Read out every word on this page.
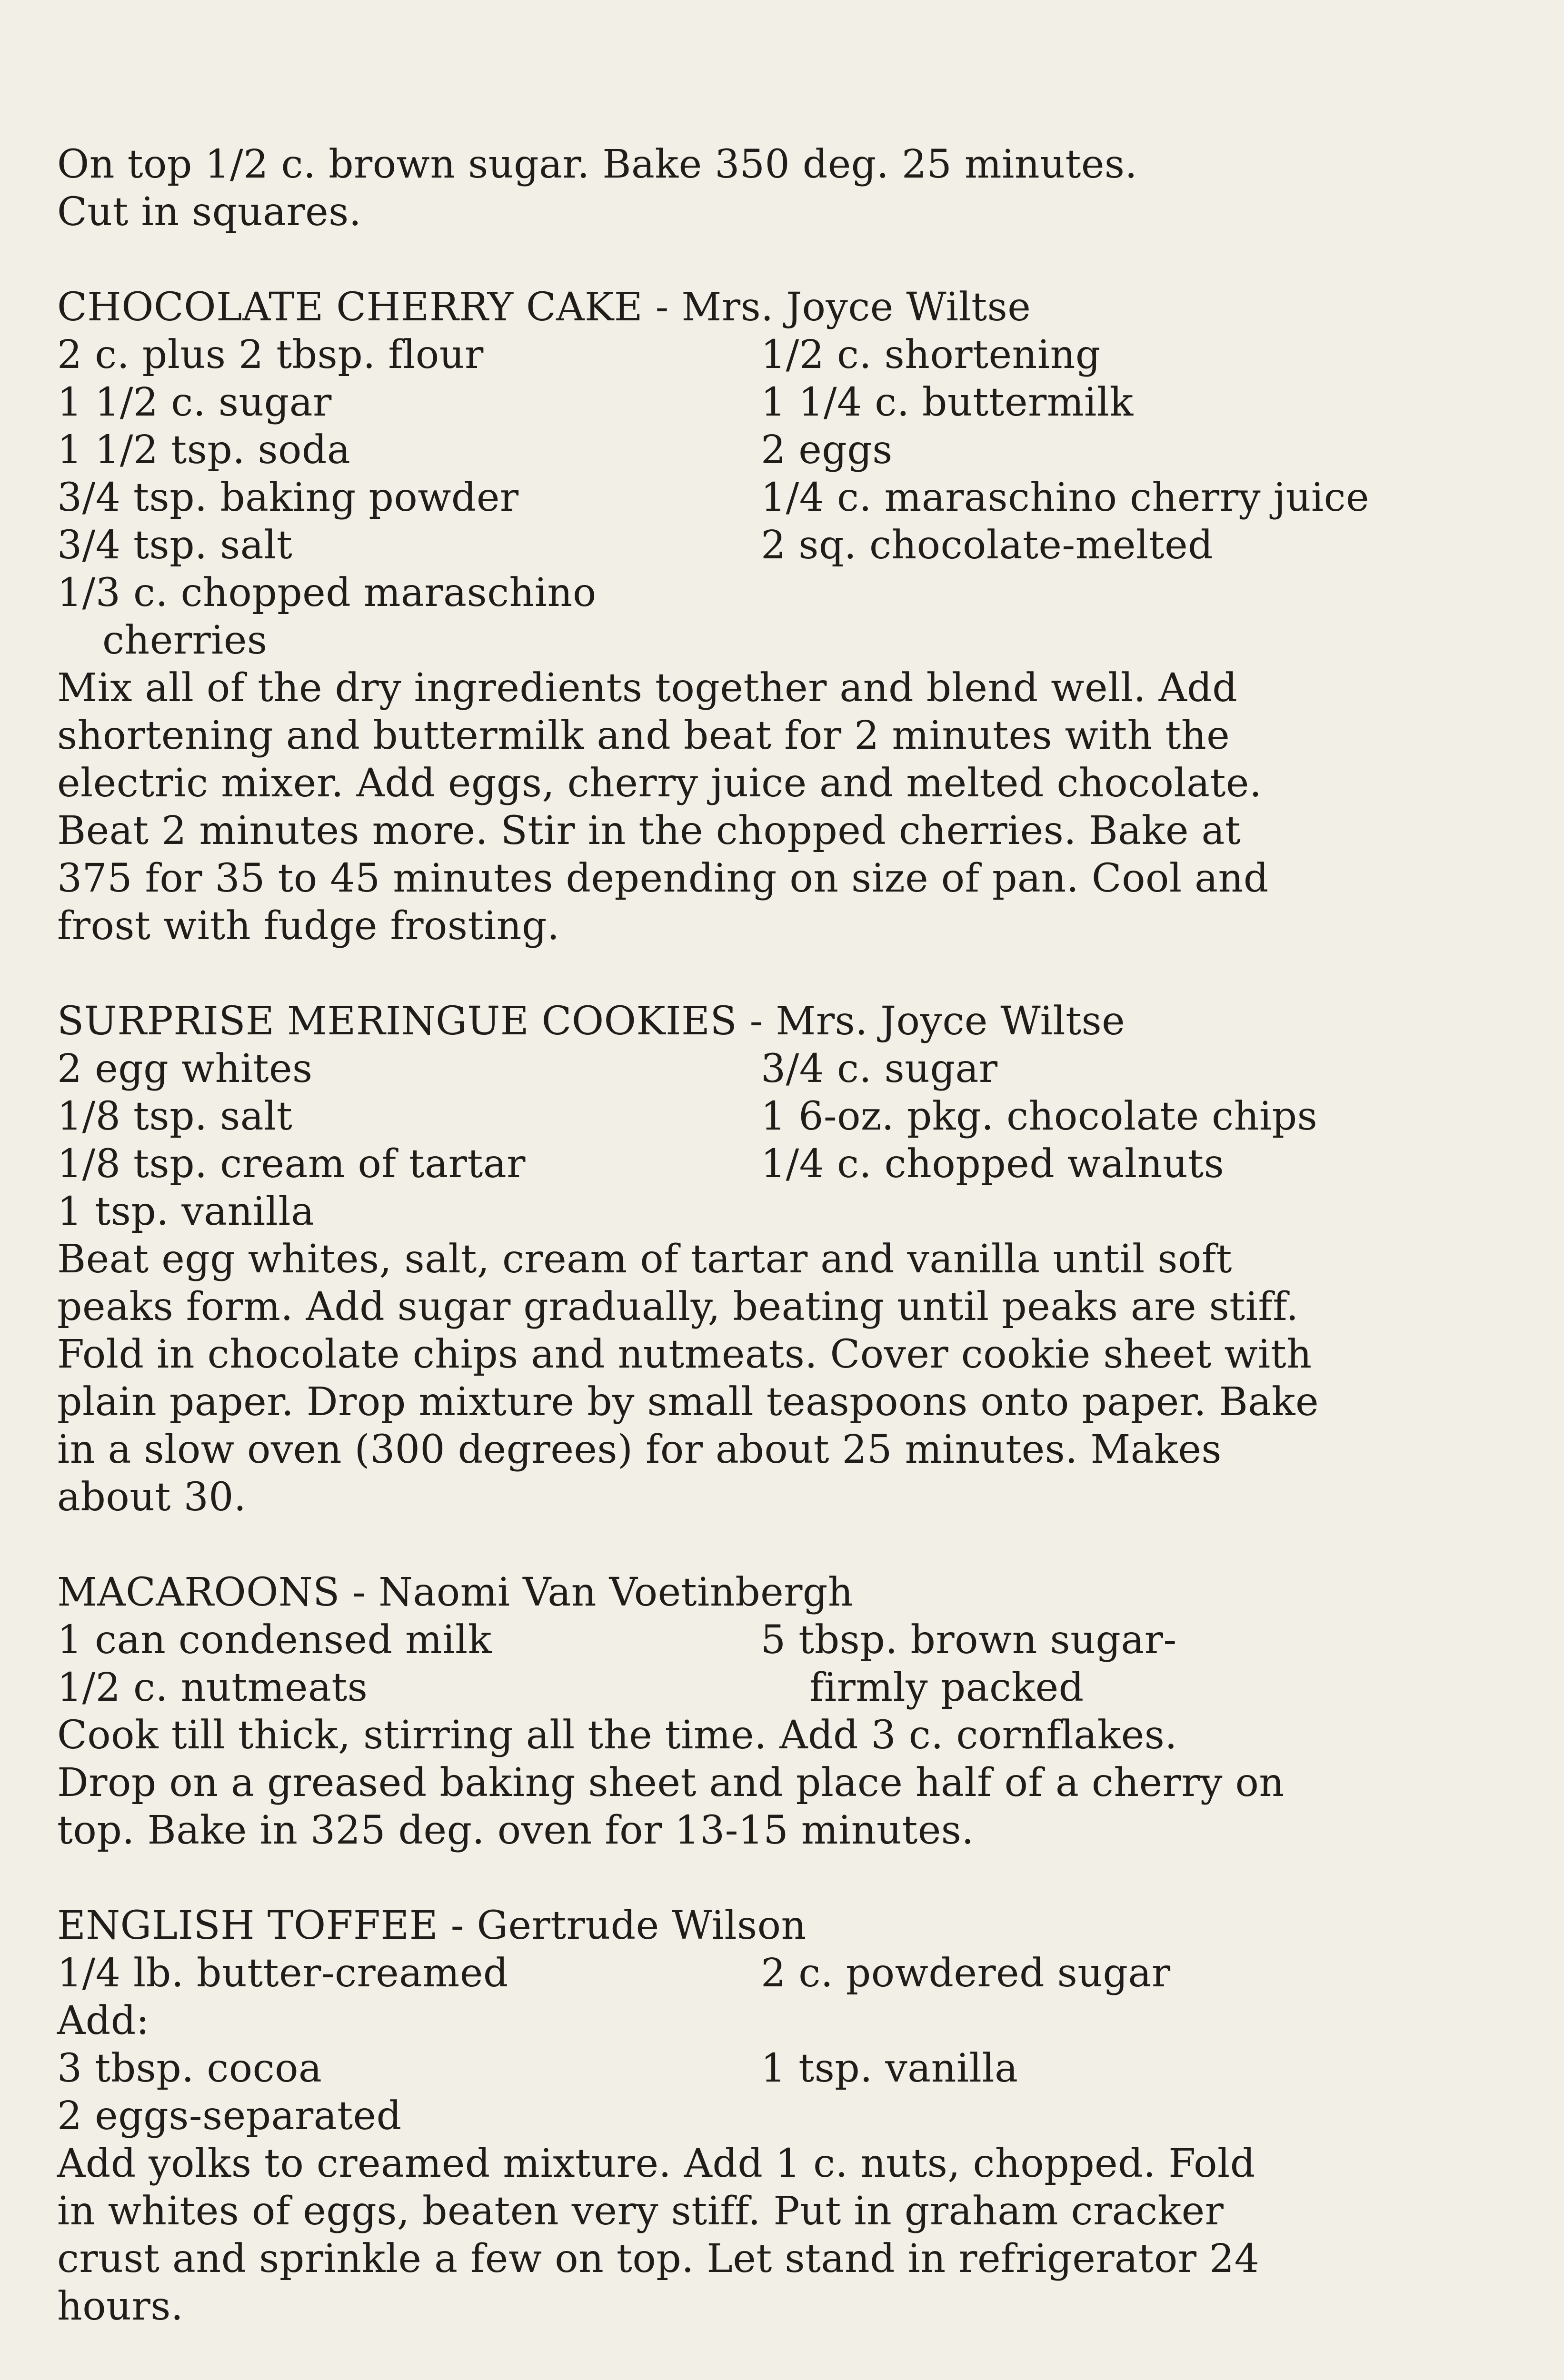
On top 1/2 c. brown sugar. Bake 350 deg. 25 minutes.
Cut in squares.
CHOCOLATE CHERRY CAKE - Mrs. Joyce Wiltse
2 c. plus 2 tbsp. flour	1/2 c. shortening
1 1/2 c. sugar	1 1/4 c. buttermilk
1 1/2 tsp. soda	2 eggs
3/4 tsp. baking powder	1/4 c. maraschino cherry juice
3/4 tsp. salt	2 sq. chocolate-melted
1/3 c. chopped maraschino
cherries
Mix all of the dry ingredients together and blend well. Add
shortening and buttermilk and beat for 2 minutes with the
electric mixer. Add eggs, cherry juice and melted chocolate.
Beat 2 minutes more. Stir in the chopped cherries. Bake at
375 for 35 to 45 minutes depending on size of pan. Cool and
frost with fudge frosting.
SURPRISE MERINGUE COOKIES - Mrs. Joyce Wiltse
2 egg whites	3/4 c. sugar
1/8 tsp. salt	1 6-oz. pkg. chocolate chips
1/8 tsp. cream of tartar	1/4 c. chopped walnuts
1 tsp. vanilla
Beat egg whites, salt, cream of tartar and vanilla until soft
peaks form. Add sugar gradually, beating until peaks are stiff.
Fold in chocolate chips and nutmeats. Cover cookie sheet with
plain paper. Drop mixture by small teaspoons onto paper. Bake
in a slow oven (300 degrees) for about 25 minutes. Makes
about 30.
MACAROONS - Naomi Van Voetinbergh
1 can condensed milk	5 tbsp. brown sugar-
1/2 c. nutmeats	firmly packed
Cook till thick, stirring all the time. Add 3 c. cornflakes.
Drop on a greased baking sheet and place half of a cherry on
top. Bake in 325 deg. oven for 13-15 minutes.
ENGLISH TOFFEE - Gertrude Wilson
1/4 lb. butter-creamed	2 c. powdered sugar
Add:
3 tbsp. cocoa	1 tsp. vanilla
2 eggs-separated
Add yolks to creamed mixture. Add 1 c. nuts, chopped. Fold
in whites of eggs, beaten very stiff. Put in graham cracker
crust and sprinkle a few on top. Let stand in refrigerator 24
hours.
